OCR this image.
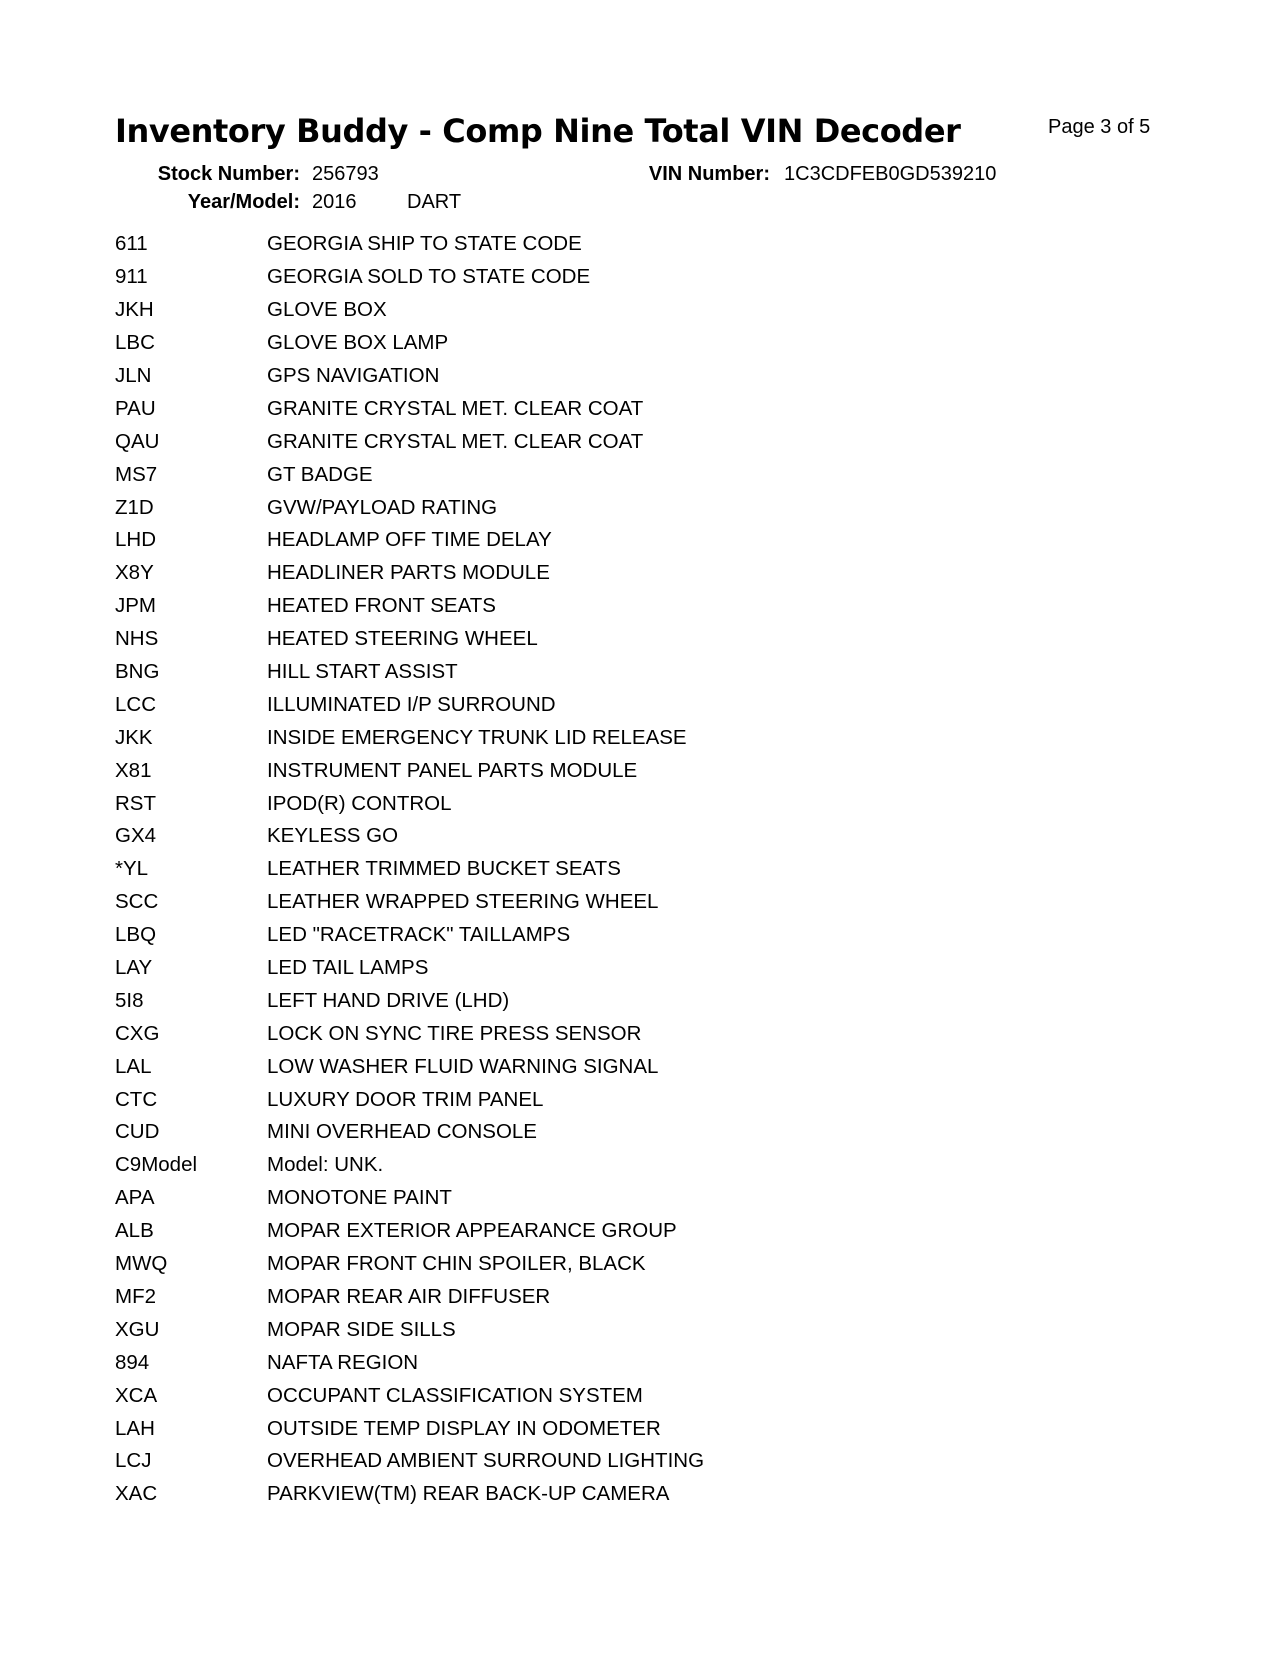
Inventory Buddy - Comp Nine Total VIN Decoder	Page 3 of 5
Stock Number: 256793	VIN Number: 1C3CDFEB0GD539210
Year/Model: 2016	DART
611	GEORGIA SHIP TO STATE CODE
911	GEORGIA SOLD TO STATE CODE
JKH	GLOVE BOX
LBC	GLOVE BOX LAMP
JLN	GPS NAVIGATION
PAU	GRANITE CRYSTAL MET. CLEAR COAT
QAU	GRANITE CRYSTAL MET. CLEAR COAT
MS7	GT BADGE
Z1D	GVW/PAYLOAD RATING
LHD	HEADLAMP OFF TIME DELAY
X8Y	HEADLINER PARTS MODULE
JPM	HEATED FRONT SEATS
NHS	HEATED STEERING WHEEL
BNG	HILL START ASSIST
LCC	ILLUMINATED I/P SURROUND
JKK	INSIDE EMERGENCY TRUNK LID RELEASE
X81	INSTRUMENT PANEL PARTS MODULE
RST	IPOD(R) CONTROL
GX4	KEYLESS GO
*YL	LEATHER TRIMMED BUCKET SEATS
SCC	LEATHER WRAPPED STEERING WHEEL
LBQ	LED "RACETRACK" TAILLAMPS
LAY	LED TAIL LAMPS
5I8	LEFT HAND DRIVE (LHD)
CXG	LOCK ON SYNC TIRE PRESS SENSOR
LAL	LOW WASHER FLUID WARNING SIGNAL
CTC	LUXURY DOOR TRIM PANEL
CUD	MINI OVERHEAD CONSOLE
C9Model	Model: UNK.
APA	MONOTONE PAINT
ALB	MOPAR EXTERIOR APPEARANCE GROUP
MWQ	MOPAR FRONT CHIN SPOILER, BLACK
MF2	MOPAR REAR AIR DIFFUSER
XGU	MOPAR SIDE SILLS
894	NAFTA REGION
XCA	OCCUPANT CLASSIFICATION SYSTEM
LAH	OUTSIDE TEMP DISPLAY IN ODOMETER
LCJ	OVERHEAD AMBIENT SURROUND LIGHTING
XAC	PARKVIEW(TM) REAR BACK-UP CAMERA
